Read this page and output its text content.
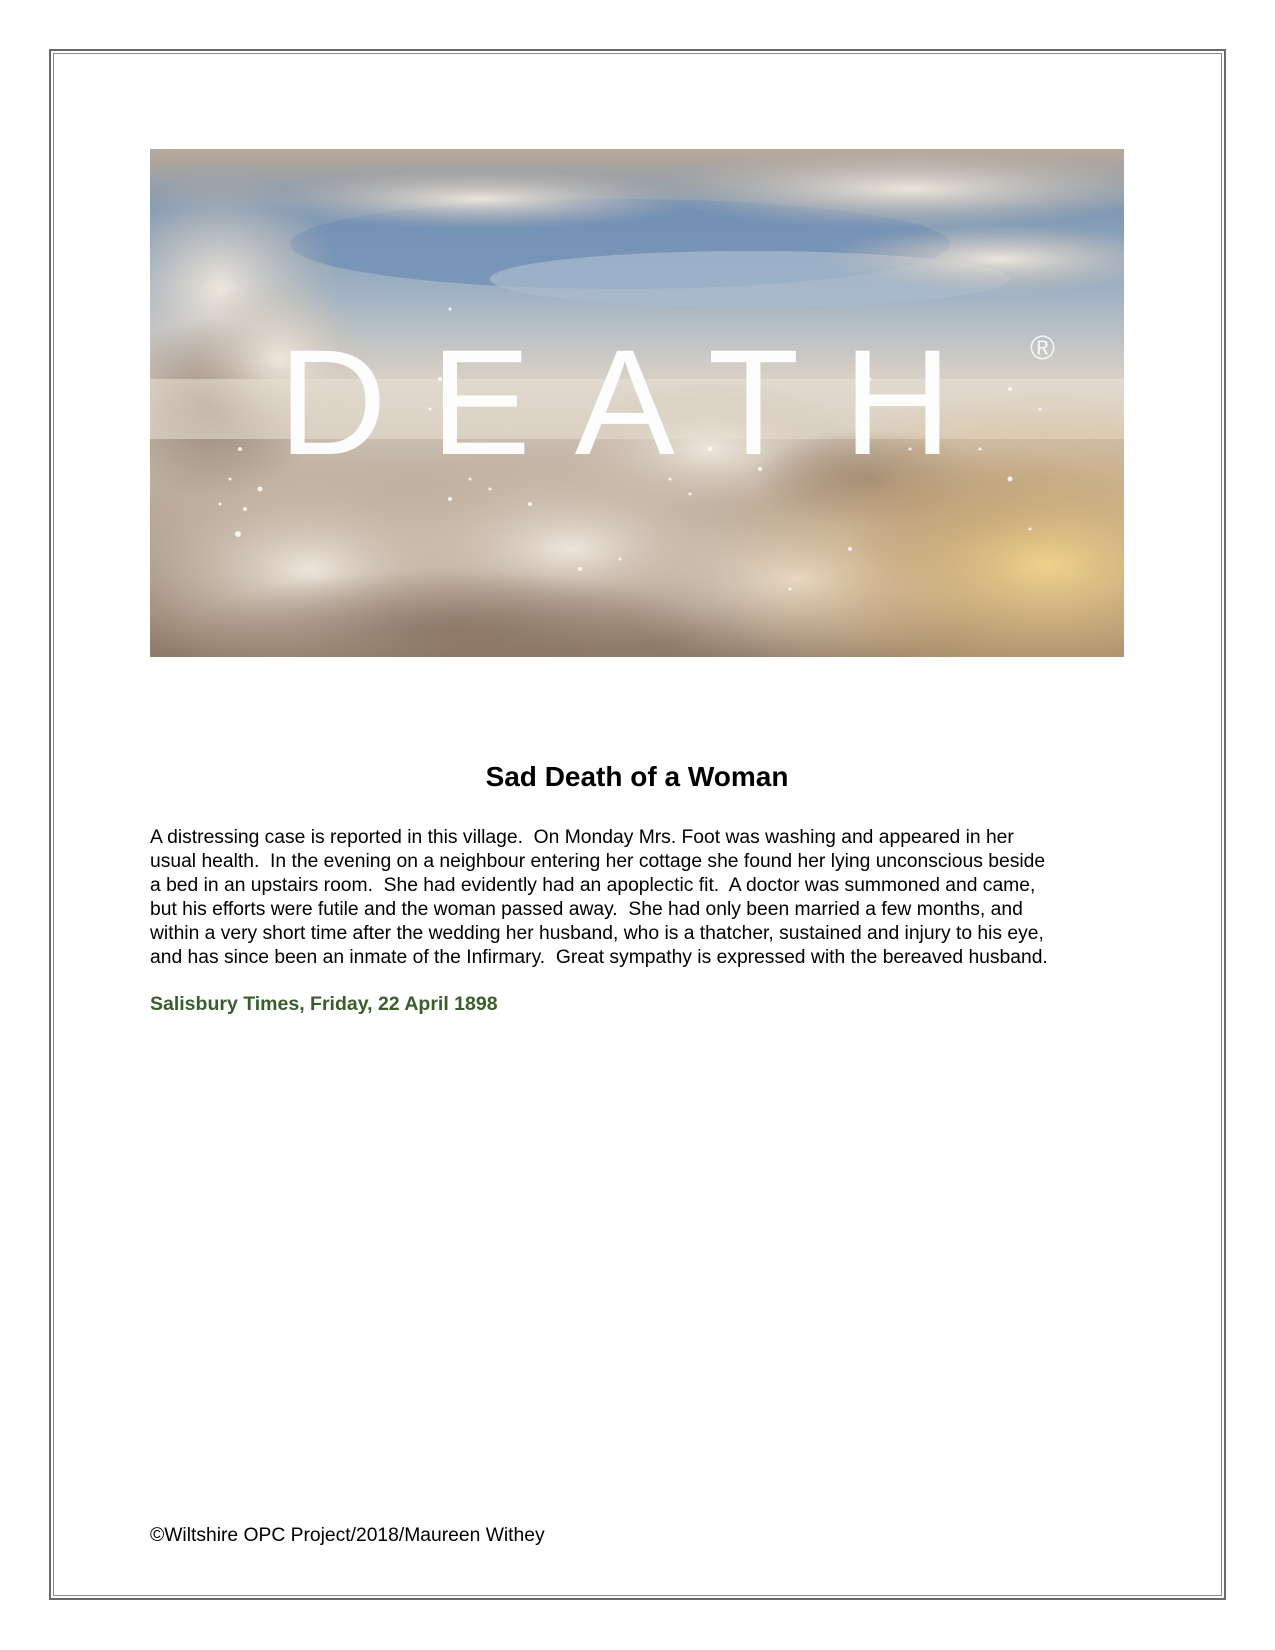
DEATH ®
Sad Death of a Woman
A distressing case is reported in this village.  On Monday Mrs. Foot was washing and appeared in her
usual health.  In the evening on a neighbour entering her cottage she found her lying unconscious beside
a bed in an upstairs room.  She had evidently had an apoplectic fit.  A doctor was summoned and came,
but his efforts were futile and the woman passed away.  She had only been married a few months, and
within a very short time after the wedding her husband, who is a thatcher, sustained and injury to his eye,
and has since been an inmate of the Infirmary.  Great sympathy is expressed with the bereaved husband.

Salisbury Times, Friday, 22 April 1898

©Wiltshire OPC Project/2018/Maureen Withey
